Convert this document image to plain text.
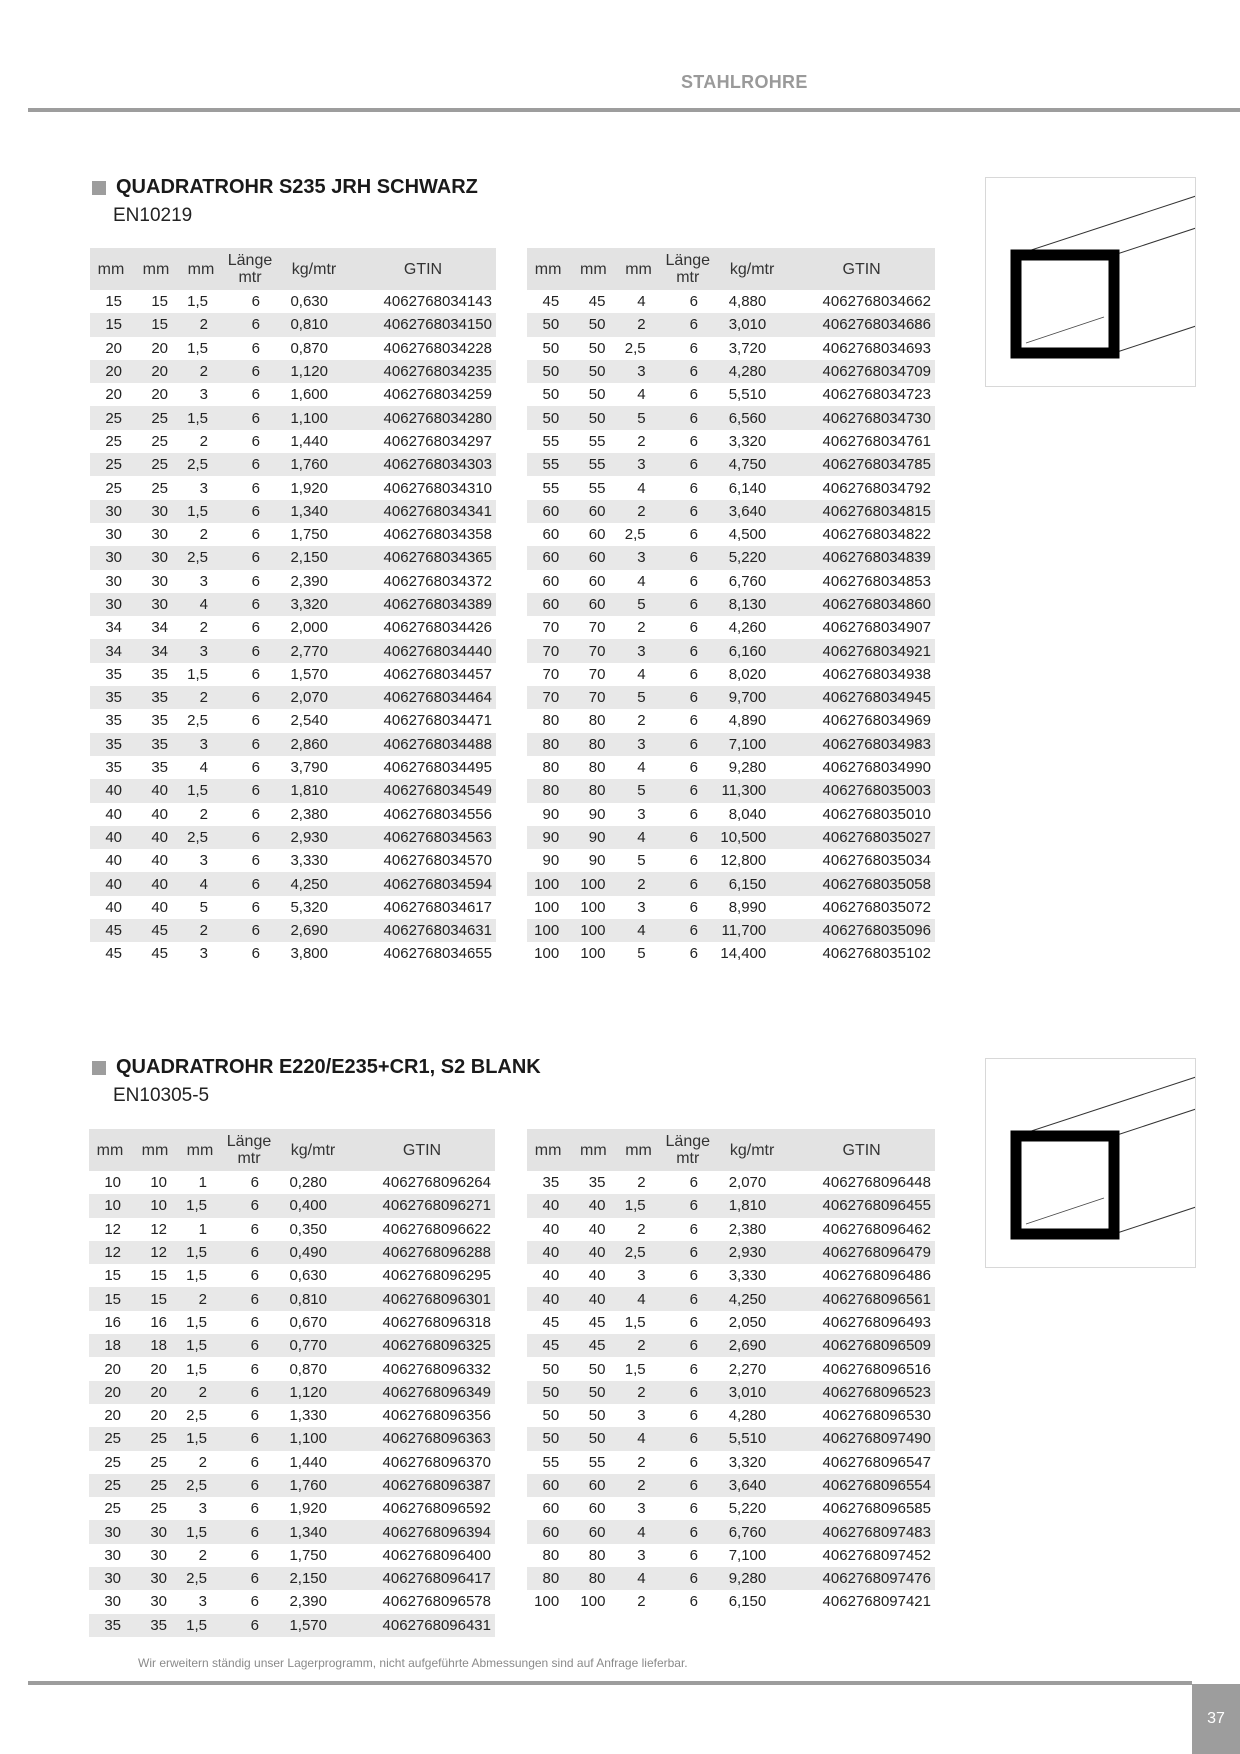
STAHLROHRE
QUADRATROHR S235 JRH SCHWARZ
EN10219
mm	mm	mm	Länge mtr	kg/mtr	GTIN
15	15	1,5	6	0,630	4062768034143
15	15	2	6	0,810	4062768034150
20	20	1,5	6	0,870	4062768034228
20	20	2	6	1,120	4062768034235
20	20	3	6	1,600	4062768034259
25	25	1,5	6	1,100	4062768034280
25	25	2	6	1,440	4062768034297
25	25	2,5	6	1,760	4062768034303
25	25	3	6	1,920	4062768034310
30	30	1,5	6	1,340	4062768034341
30	30	2	6	1,750	4062768034358
30	30	2,5	6	2,150	4062768034365
30	30	3	6	2,390	4062768034372
30	30	4	6	3,320	4062768034389
34	34	2	6	2,000	4062768034426
34	34	3	6	2,770	4062768034440
35	35	1,5	6	1,570	4062768034457
35	35	2	6	2,070	4062768034464
35	35	2,5	6	2,540	4062768034471
35	35	3	6	2,860	4062768034488
35	35	4	6	3,790	4062768034495
40	40	1,5	6	1,810	4062768034549
40	40	2	6	2,380	4062768034556
40	40	2,5	6	2,930	4062768034563
40	40	3	6	3,330	4062768034570
40	40	4	6	4,250	4062768034594
40	40	5	6	5,320	4062768034617
45	45	2	6	2,690	4062768034631
45	45	3	6	3,800	4062768034655
mm	mm	mm	Länge mtr	kg/mtr	GTIN
45	45	4	6	4,880	4062768034662
50	50	2	6	3,010	4062768034686
50	50	2,5	6	3,720	4062768034693
50	50	3	6	4,280	4062768034709
50	50	4	6	5,510	4062768034723
50	50	5	6	6,560	4062768034730
55	55	2	6	3,320	4062768034761
55	55	3	6	4,750	4062768034785
55	55	4	6	6,140	4062768034792
60	60	2	6	3,640	4062768034815
60	60	2,5	6	4,500	4062768034822
60	60	3	6	5,220	4062768034839
60	60	4	6	6,760	4062768034853
60	60	5	6	8,130	4062768034860
70	70	2	6	4,260	4062768034907
70	70	3	6	6,160	4062768034921
70	70	4	6	8,020	4062768034938
70	70	5	6	9,700	4062768034945
80	80	2	6	4,890	4062768034969
80	80	3	6	7,100	4062768034983
80	80	4	6	9,280	4062768034990
80	80	5	6	11,300	4062768035003
90	90	3	6	8,040	4062768035010
90	90	4	6	10,500	4062768035027
90	90	5	6	12,800	4062768035034
100	100	2	6	6,150	4062768035058
100	100	3	6	8,990	4062768035072
100	100	4	6	11,700	4062768035096
100	100	5	6	14,400	4062768035102
QUADRATROHR E220/E235+CR1, S2 BLANK
EN10305-5
mm	mm	mm	Länge mtr	kg/mtr	GTIN
10	10	1	6	0,280	4062768096264
10	10	1,5	6	0,400	4062768096271
12	12	1	6	0,350	4062768096622
12	12	1,5	6	0,490	4062768096288
15	15	1,5	6	0,630	4062768096295
15	15	2	6	0,810	4062768096301
16	16	1,5	6	0,670	4062768096318
18	18	1,5	6	0,770	4062768096325
20	20	1,5	6	0,870	4062768096332
20	20	2	6	1,120	4062768096349
20	20	2,5	6	1,330	4062768096356
25	25	1,5	6	1,100	4062768096363
25	25	2	6	1,440	4062768096370
25	25	2,5	6	1,760	4062768096387
25	25	3	6	1,920	4062768096592
30	30	1,5	6	1,340	4062768096394
30	30	2	6	1,750	4062768096400
30	30	2,5	6	2,150	4062768096417
30	30	3	6	2,390	4062768096578
35	35	1,5	6	1,570	4062768096431
mm	mm	mm	Länge mtr	kg/mtr	GTIN
35	35	2	6	2,070	4062768096448
40	40	1,5	6	1,810	4062768096455
40	40	2	6	2,380	4062768096462
40	40	2,5	6	2,930	4062768096479
40	40	3	6	3,330	4062768096486
40	40	4	6	4,250	4062768096561
45	45	1,5	6	2,050	4062768096493
45	45	2	6	2,690	4062768096509
50	50	1,5	6	2,270	4062768096516
50	50	2	6	3,010	4062768096523
50	50	3	6	4,280	4062768096530
50	50	4	6	5,510	4062768097490
55	55	2	6	3,320	4062768096547
60	60	2	6	3,640	4062768096554
60	60	3	6	5,220	4062768096585
60	60	4	6	6,760	4062768097483
80	80	3	6	7,100	4062768097452
80	80	4	6	9,280	4062768097476
100	100	2	6	6,150	4062768097421
Wir erweitern ständig unser Lagerprogramm, nicht aufgeführte Abmessungen sind auf Anfrage lieferbar.
37
